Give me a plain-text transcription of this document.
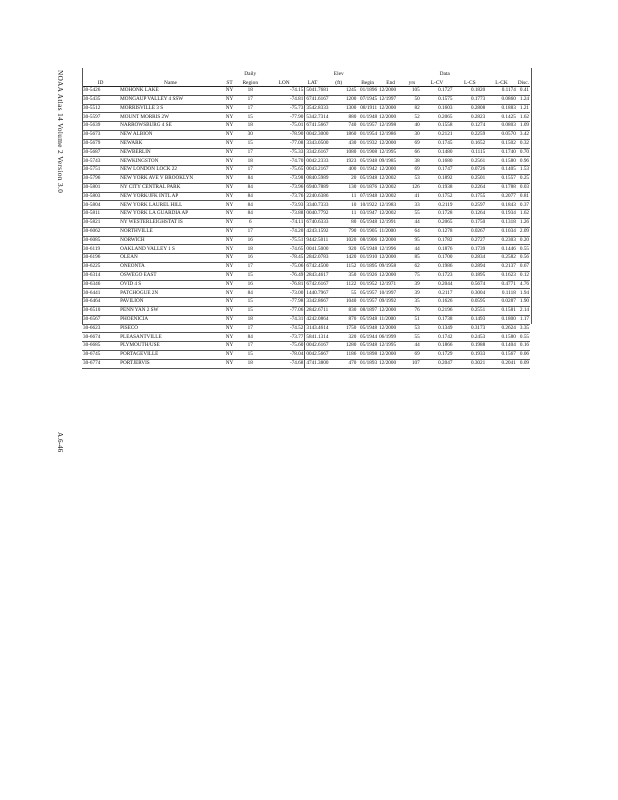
NOAA Atlas 14 Volume 2 Version 3.0
A.6-46
			Daily			Elev			Data				
ID	Name	ST	Region	LON	LAT	(ft)	Begin	End	yrs	L-CV	L-CS	L-CK	Disc.
30-5426	MOHONK LAKE	NY	18	-74.15	5041.7681	1245	01/1896	12/2000	105	0.1727	0.1820	0.1174	0.41
30-5435	MONGAUP VALLEY 4 SSW	NY	17	-74.81	6741.6167	1200	07/1945	12/1997	50	0.1575	0.1773	0.0860	1.24
30-5512	MORRISVILLE 3 S	NY	17	-75.73	3542.8333	1300	08/1911	12/2000	82	0.1603	0.2808	0.1883	1.21
30-5597	MOUNT MORRIS 2W	NY	15	-77.90	5342.7314	880	01/1948	12/2000	52	0.2065	0.2823	0.1425	1.62
30-5639	NARROWSBURG 4 SE	NY	18	-75.01	6741.5667	740	01/1957	12/1998	40	0.1558	0.1274	0.0803	1.09
30-5673	NEW ALBION	NY	30	-78.90	0042.3000	1860	01/1954	12/1986	30	0.2121	0.2259	0.0570	3.42
30-5679	NEWARK	NY	15	-77.08	3343.0500	430	01/1932	12/2000	69	0.1745	0.1652	0.1502	0.32
30-5687	NEWBERLIN	NY	17	-75.33	3342.6167	1080	01/1908	12/1995	66	0.1480	0.1115	0.1740	0.70
30-5743	NEWKINGSTON	NY	18	-74.70	0042.2333	1923	05/1948	09/1985	38	0.1680	0.2561	0.1580	0.96
30-5751	NEW LONDON LOCK 22	NY	17	-75.65	0043.2167	400	01/1942	12/2000	69	0.1747	0.0726	0.1405	1.53
30-5796	NEW YORK AVE V BROOKLYN	NY	84	-73.98	0840.5989	20	05/1948	12/2002	53	0.1892	0.2501	0.1557	0.25
30-5801	NY CITY CENTRAL PARK	NY	84	-73.96	6940.7889	130	01/1876	12/2002	126	0.1938	0.2264	0.1788	0.03
30-5803	NEW YORK/JFK INTL AP	NY	84	-73.76	2240.6386	11	07/1948	12/2002	41	0.1752	0.1755	0.2077	0.81
30-5804	NEW YORK LAUREL HILL	NY	84	-73.93	3340.7333	10	10/1922	12/1983	33	0.2119	0.2597	0.1843	0.37
30-5811	NEW YORK LA GUARDIA AP	NY	84	-73.88	0040.7792	11	03/1947	12/2002	55	0.1728	0.1264	0.1934	1.62
30-5821	NY WESTERLEIGHSTAT IS	NY	6	-74.11	6740.6333	80	05/1948	12/1991	44	0.2065	0.1750	0.1318	1.26
30-6062	NORTHVILLE	NY	17	-74.20	4243.1592	790	01/1905	11/2000	64	0.1278	0.0267	0.1034	2.09
30-6085	NORWICH	NY	16	-75.51	9442.5011	1020	08/1906	12/2000	95	0.1782	0.2727	0.2303	0.20
30-6119	OAKLAND VALLEY 1 S	NY	18	-74.65	0041.5000	920	05/1948	12/1996	44	0.1876	0.1739	0.1446	0.55
30-6196	OLEAN	NY	16	-78.45	2842.0783	1420	01/1910	12/2000	85	0.1700	0.2834	0.2582	0.56
30-6225	ONEONTA	NY	17	-75.06	6742.4500	1152	01/1895	09/1958	62	0.1986	0.2894	0.2137	0.67
30-6314	OSWEGO EAST	NY	15	-76.49	2843.4617	350	01/1926	12/2000	75	0.1723	0.1895	0.1623	0.12
30-6346	OVID 4 S	NY	16	-76.81	6742.6167	1122	01/1952	12/1971	39	0.2044	0.5674	0.4771	4.76
30-6441	PATCHOGUE 2N	NY	84	-73.00	1440.7967	55	05/1957	10/1997	39	0.2117	0.3004	0.1118	1.94
30-6464	PAVILION	NY	15	-77.98	3342.8667	1040	01/1957	09/1992	35	0.1626	0.0595	0.0287	1.90
30-6510	PENN YAN 2 SW	NY	15	-77.06	2842.6711	830	08/1897	12/2000	76	0.2196	0.2551	0.1581	2.14
30-6567	PHOENICIA	NY	18	-74.31	4242.0864	870	05/1948	11/2000	51	0.1738	0.1493	0.1800	1.17
30-6623	PISECO	NY	17	-74.52	3143.4614	1750	05/1948	12/2000	53	0.1349	0.3173	0.2624	3.35
30-6674	PLEASANTVILLE	NY	84	-73.77	5841.1314	320	05/1944	06/1999	55	0.1742	0.2453	0.1580	0.55
30-6685	PLYMOUTH/USE	NY	17	-75.60	0042.6167	1280	05/1948	12/1995	44	0.1866	0.1988	0.1404	0.16
30-6745	PORTAGEVILLE	NY	15	-78.04	0042.5667	1186	01/1898	12/2000	69	0.1729	0.1933	0.1567	0.06
30-6774	PORTJERVIS	NY	18	-74.68	4741.3800	470	01/1893	12/2000	107	0.2047	0.3021	0.2041	0.09
